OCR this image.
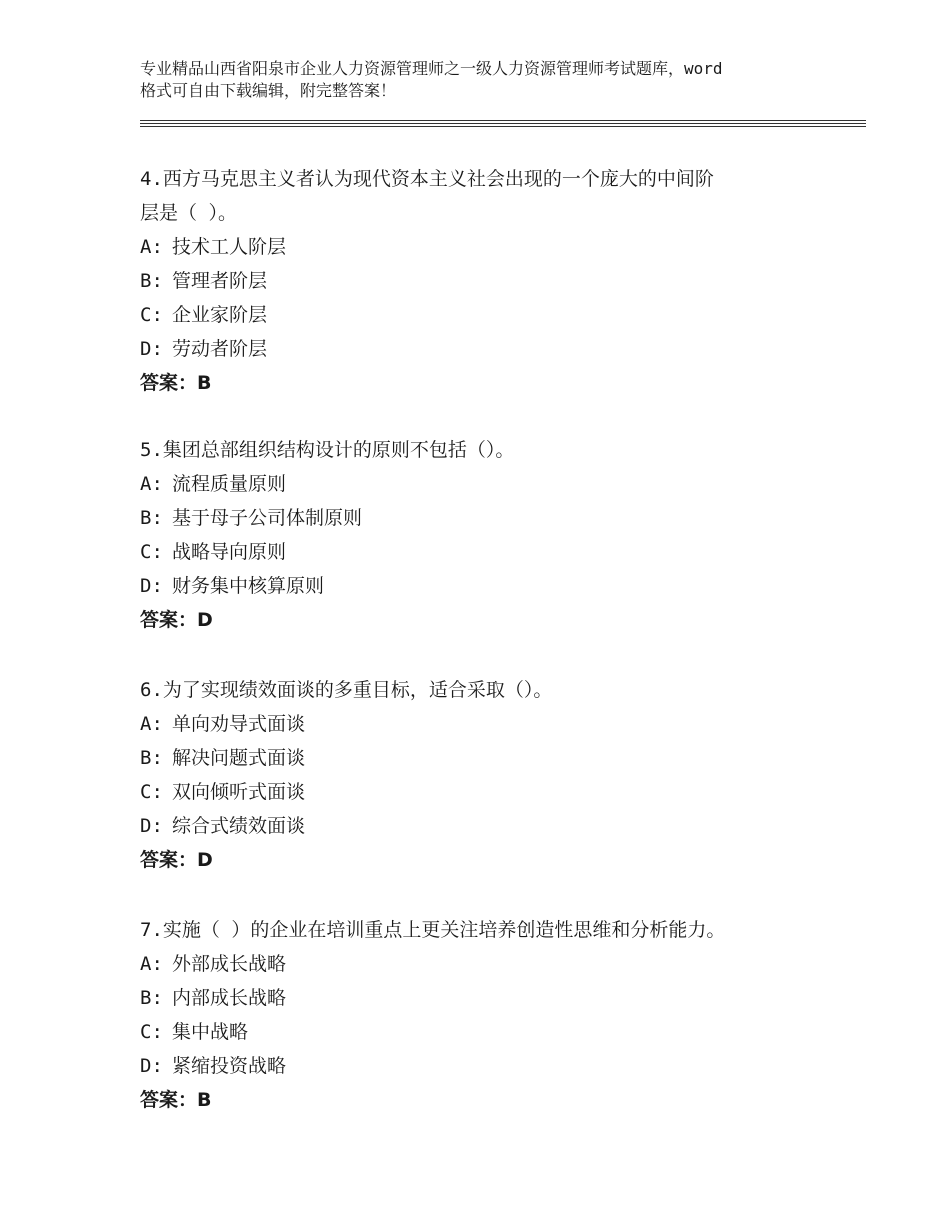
专业精品山西省阳泉市企业人力资源管理师之一级人力资源管理师考试题库，word
格式可自由下载编辑，附完整答案！
4.西方马克思主义者认为现代资本主义社会出现的一个庞大的中间阶
层是（ ）。
A: 技术工人阶层
B: 管理者阶层
C: 企业家阶层
D: 劳动者阶层
答案：B
5.集团总部组织结构设计的原则不包括（）。
A: 流程质量原则
B: 基于母子公司体制原则
C: 战略导向原则
D: 财务集中核算原则
答案：D
6.为了实现绩效面谈的多重目标，适合采取（）。
A: 单向劝导式面谈
B: 解决问题式面谈
C: 双向倾听式面谈
D: 综合式绩效面谈
答案：D
7.实施（ ）的企业在培训重点上更关注培养创造性思维和分析能力。
A: 外部成长战略
B: 内部成长战略
C: 集中战略
D: 紧缩投资战略
答案：B
